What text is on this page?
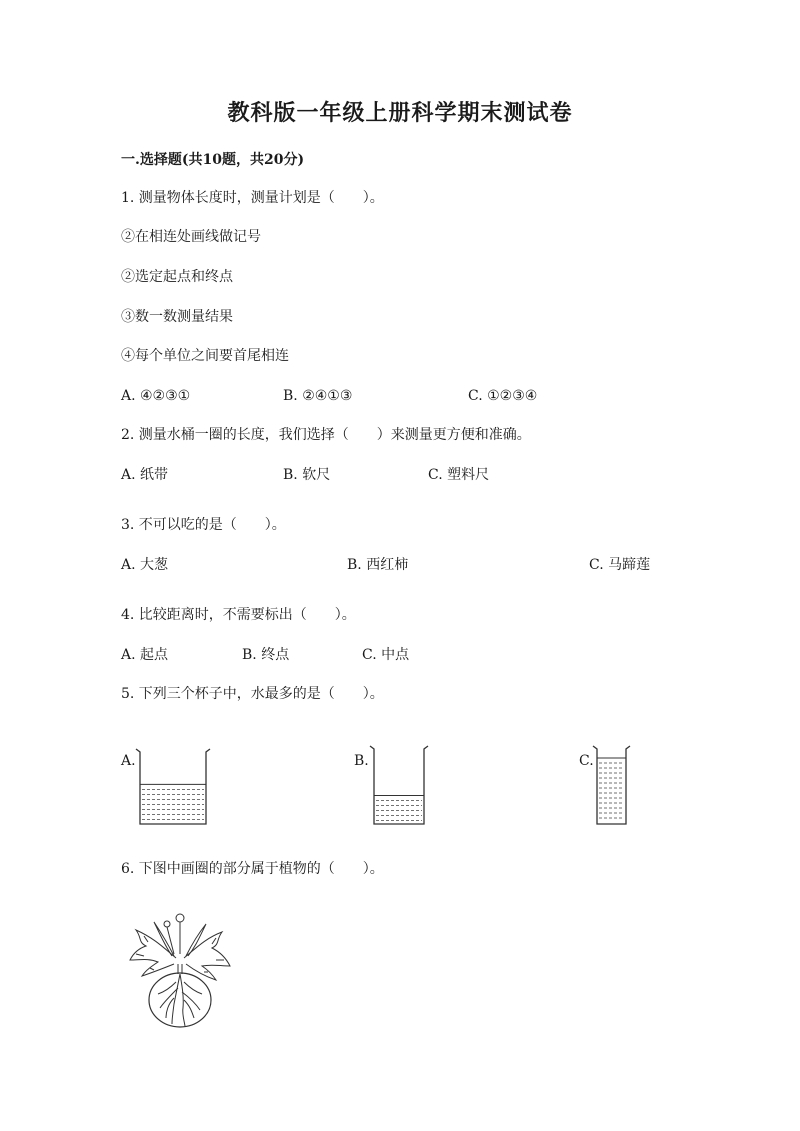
教科版一年级上册科学期末测试卷
一.选择题(共10题，共20分)
1. 测量物体长度时，测量计划是（　　）。
②在相连处画线做记号
②选定起点和终点
③数一数测量结果
④每个单位之间要首尾相连
A. ④②③①	B. ②④①③	C. ①②③④
2. 测量水桶一圈的长度，我们选择（　　）来测量更方便和准确。
A. 纸带	B. 软尺	C. 塑料尺
3. 不可以吃的是（　　）。
A. 大葱	B. 西红柿	C. 马蹄莲
4. 比较距离时，不需要标出（　　）。
A. 起点	B. 终点	C. 中点
5. 下列三个杯子中，水最多的是（　　）。
A.	B.	C.
6. 下图中画圈的部分属于植物的（　　）。
